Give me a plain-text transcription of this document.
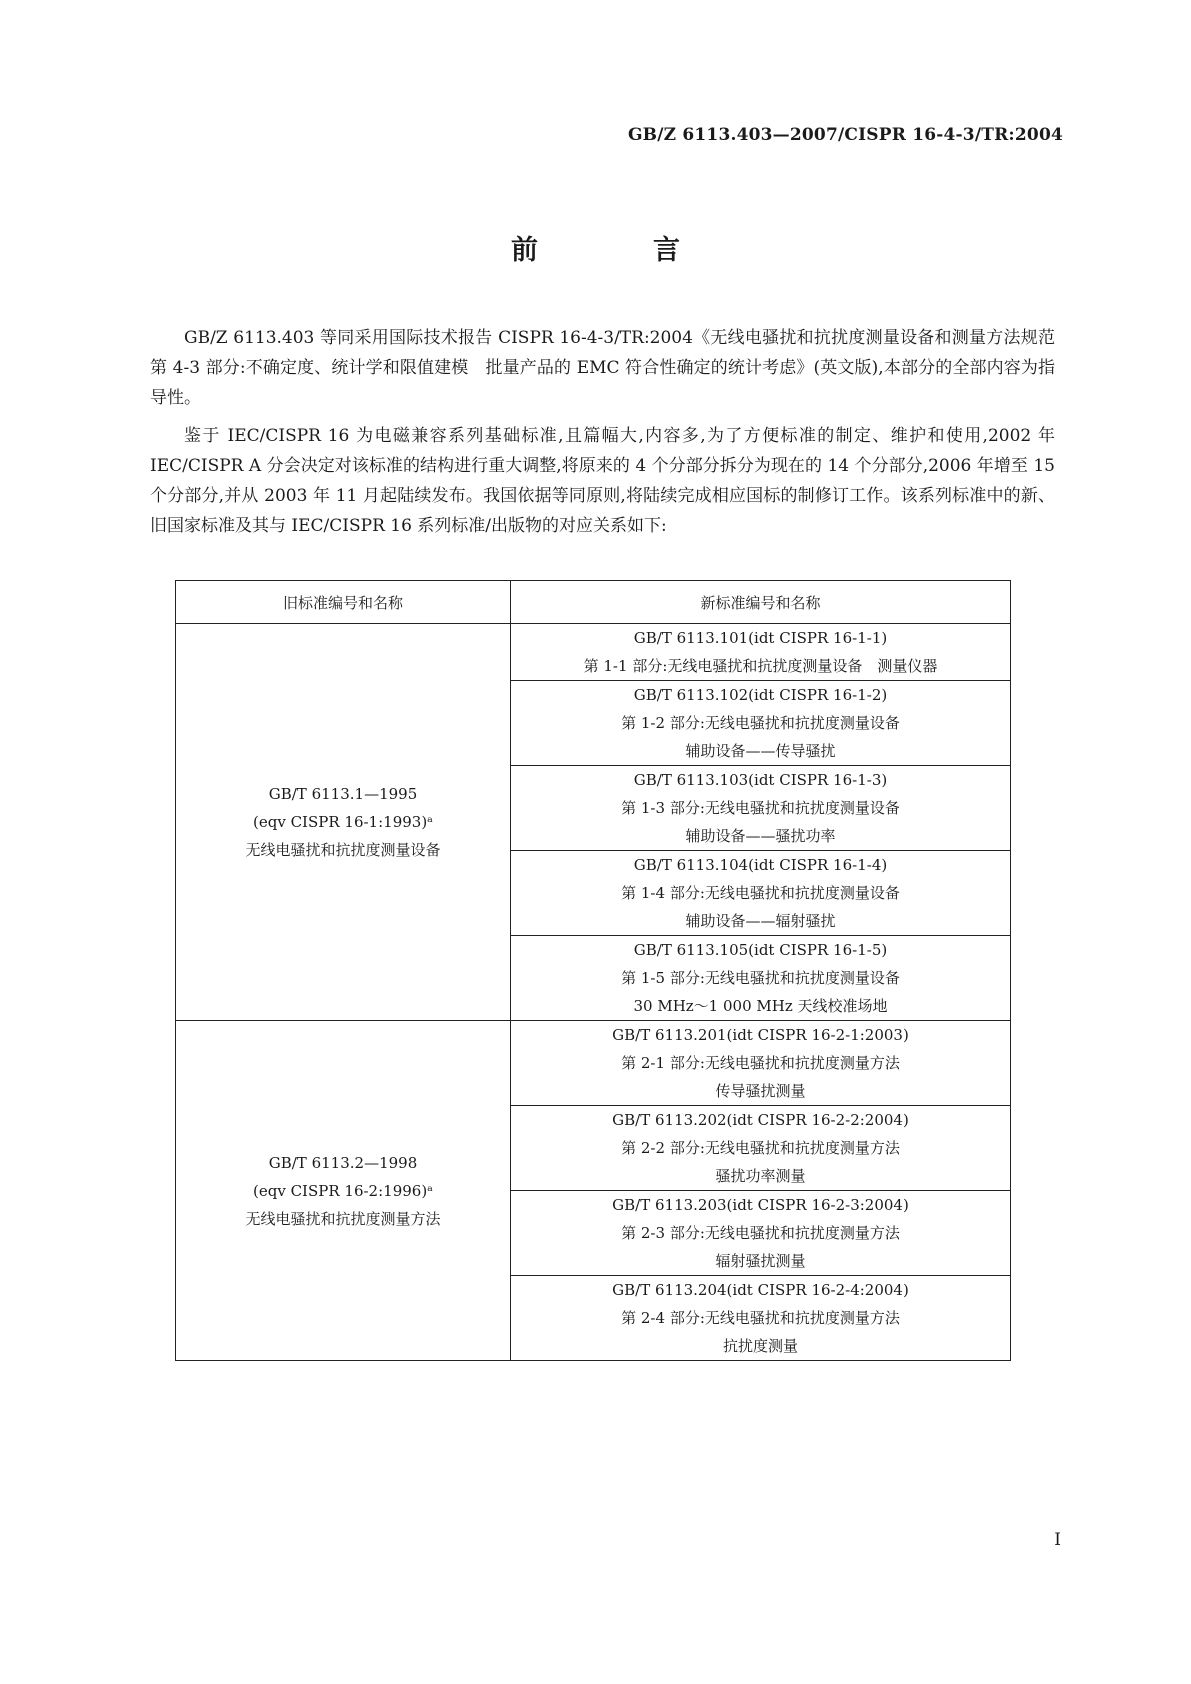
GB/Z 6113.403—2007/CISPR 16-4-3/TR:2004
前　言

GB/Z 6113.403 等同采用国际技术报告 CISPR 16-4-3/TR:2004《无线电骚扰和抗扰度测量设备和测量方法规范　第 4-3 部分:不确定度、统计学和限值建模　批量产品的 EMC 符合性确定的统计考虑》(英文版),本部分的全部内容为指导性。

鉴于 IEC/CISPR 16 为电磁兼容系列基础标准,且篇幅大,内容多,为了方便标准的制定、维护和使用,2002 年 IEC/CISPR A 分会决定对该标准的结构进行重大调整,将原来的 4 个分部分拆分为现在的 14 个分部分,2006 年增至 15 个分部分,并从 2003 年 11 月起陆续发布。我国依据等同原则,将陆续完成相应国标的制修订工作。该系列标准中的新、旧国家标准及其与 IEC/CISPR 16 系列标准/出版物的对应关系如下:

旧标准编号和名称	新标准编号和名称

GB/T 6113.1—1995
(eqv CISPR 16-1:1993)ᵃ
无线电骚扰和抗扰度测量设备	GB/T 6113.101(idt CISPR 16-1-1)
第 1-1 部分:无线电骚扰和抗扰度测量设备　测量仪器

	GB/T 6113.102(idt CISPR 16-1-2)
第 1-2 部分:无线电骚扰和抗扰度测量设备
辅助设备——传导骚扰

	GB/T 6113.103(idt CISPR 16-1-3)
第 1-3 部分:无线电骚扰和抗扰度测量设备
辅助设备——骚扰功率

	GB/T 6113.104(idt CISPR 16-1-4)
第 1-4 部分:无线电骚扰和抗扰度测量设备
辅助设备——辐射骚扰

	GB/T 6113.105(idt CISPR 16-1-5)
第 1-5 部分:无线电骚扰和抗扰度测量设备
30 MHz～1 000 MHz 天线校准场地

GB/T 6113.2—1998
(eqv CISPR 16-2:1996)ᵃ
无线电骚扰和抗扰度测量方法	GB/T 6113.201(idt CISPR 16-2-1:2003)
第 2-1 部分:无线电骚扰和抗扰度测量方法
传导骚扰测量

	GB/T 6113.202(idt CISPR 16-2-2:2004)
第 2-2 部分:无线电骚扰和抗扰度测量方法
骚扰功率测量

	GB/T 6113.203(idt CISPR 16-2-3:2004)
第 2-3 部分:无线电骚扰和抗扰度测量方法
辐射骚扰测量

	GB/T 6113.204(idt CISPR 16-2-4:2004)
第 2-4 部分:无线电骚扰和抗扰度测量方法
抗扰度测量
I
